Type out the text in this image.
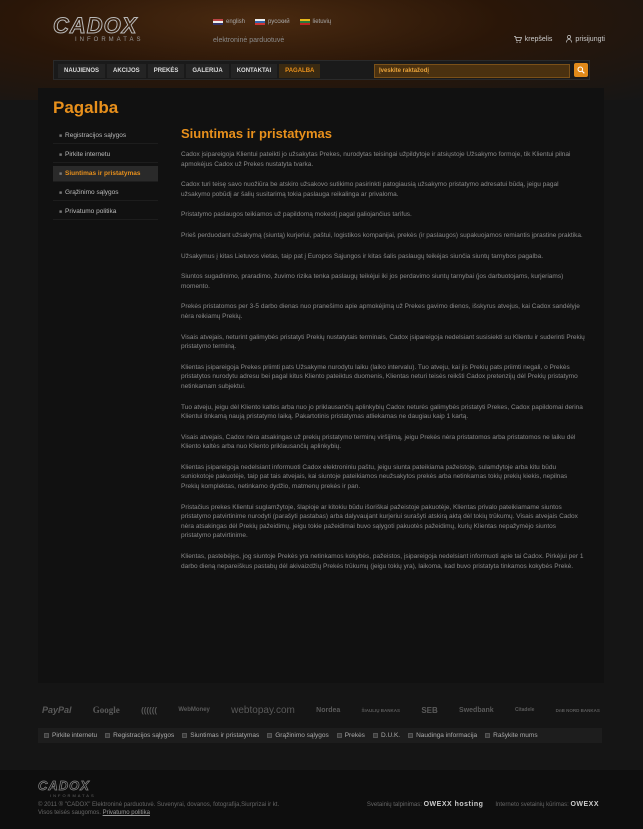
CADOX
INFORMATAS
english	русский	lietuvių
elektroninė parduotuvė	krepšelis	prisijungti
NAUJIENOS	AKCIJOS	PREKĖS	GALERIJA	KONTAKTAI	PAGALBA	Įveskite raktažodį
Pagalba
■ Registracijos sąlygos
■ Pirkite internetu
■ Siuntimas ir pristatymas
■ Grąžinimo sąlygos
■ Privatumo politika
Siuntimas ir pristatymas

Cadox įsipareigoja Klientui pateikti jo užsakytas Prekes, nurodytas teisingai užpildytoje ir atsiųstoje Užsakymo formoje, tik Klientui pilnai apmokėjus Cadox už Prekes nustatyta tvarka.

Cadox turi teisę savo nuožiūra be atskiro užsakovo sutikimo pasirinkti patogiausią užsakymo pristatymo adresatui būdą, jeigu pagal užsakymo pobūdį ar šalių susitarimą tokia paslauga reikalinga ar privaloma.

Pristatymo paslaugos teikiamos už papildomą mokestį pagal galiojančius tarifus.

Prieš perduodant užsakymą (siuntą) kurjeriui, paštui, logistikos kompanijai, prekės (ir paslaugos) supakuojamos remiantis įprastine praktika.

Užsakymus į kitas Lietuvos vietas, taip pat į Europos Sąjungos ir kitas šalis paslaugų teikėjas siunčia siuntų tarnybos pagalba.

Siuntos sugadinimo, praradimo, žuvimo rizika tenka paslaugų teikėjui iki jos perdavimo siuntų tarnybai (jos darbuotojams, kurjeriams) momento.

Prekės pristatomos per 3-5 darbo dienas nuo pranešimo apie apmokėjimą už Prekes gavimo dienos, išskyrus atvejus, kai Cadox sandėlyje nėra reikiamų Prekių.

Visais atvejais, neturint galimybės pristatyti Prekių nustatytais terminais, Cadox įsipareigoja nedelsiant susisiekti su Klientu ir suderinti Prekių pristatymo terminą.

Klientas įsipareigoja Prekes priimti pats Užsakyme nurodytu laiku (laiko intervalu). Tuo atveju, kai jis Prekių pats priimti negali, o Prekės pristatytos nurodytu adresu bei pagal kitus Kliento pateiktus duomenis, Klientas neturi teisės reikšti Cadox pretenzijų dėl Prekių pristatymo netinkamam subjektui.

Tuo atveju, jeigu dėl Kliento kaltės arba nuo jo priklausančių aplinkybių Cadox neturės galimybės pristatyti Prekes, Cadox papildomai derina Klientui tinkamą naują pristatymo laiką. Pakartotinis pristatymas atliekamas ne daugiau kaip 1 kartą.

Visais atvejais, Cadox nėra atsakingas už prekių pristatymo terminų viršijimą, jeigu Prekės nėra pristatomos arba pristatomos ne laiku dėl Kliento kaltės arba nuo Kliento priklausančių aplinkybių.

Klientas įsipareigoja nedelsiant informuoti Cadox elektroniniu paštu, jeigu siunta pateikiama pažeistoje, sulamdytoje arba kitu būdu suniokotoje pakuotėje, taip pat tais atvejais, kai siuntoje pateikiamos neužsakytos prekės arba netinkamas tokių prekių kiekis, nepilnas Prekių komplektas, netinkamo dydžio, matmenų prekės ir pan.

Pristačius prekes Klientui suglamžytoje, šlapioje ar kitokiu būdu išoriškai pažeistoje pakuotėje, Klientas privalo pateikiamame siuntos pristatymo patvirtinime nurodyti (parašyti pastabas) arba dalyvaujant kurjeriui surašyti atskirą aktą dėl tokių trūkumų. Visais atvejais Cadox nėra atsakingas dėl Prekių pažeidimų, jeigu tokie pažeidimai buvo sąlygoti pakuotės pažeidimų, kurių Klientas nepažymėjo siuntos pristatymo patvirtinime.

Klientas, pastebėjęs, jog siuntoje Prekės yra netinkamos kokybės, pažeistos, įsipareigoja nedelsiant informuoti apie tai Cadox. Pirkėjui per 1 darbo dieną nepareiškus pastabų dėl akivaizdžių Prekės trūkumų (jeigu tokių yra), laikoma, kad buvo pristatyta tinkamos kokybės Prekė.

PayPal Google	((((((	WebMoney webtopay.com	Nordea	ŠIAULIŲ BANKAS	SEB	Swedbank	Citadele	DnB NORD BANKAS
Pirkite internetu Registracijos sąlygos Siuntimas ir pristatymas Grąžinimo sąlygos Prekės D.U.K. Naudinga informacija Rašykite mums
CADOX
INFORMATAS
© 2011 ® "CADOX" Elektroninė parduotuvė. Suvenyrai, dovanos, fotografija,Siurprizai ir kt.
Visos teisės saugomos. Privatumo politika
Svetainių talpinimas: OWEXX hosting Interneto svetainių kūrimas: OWEXX
